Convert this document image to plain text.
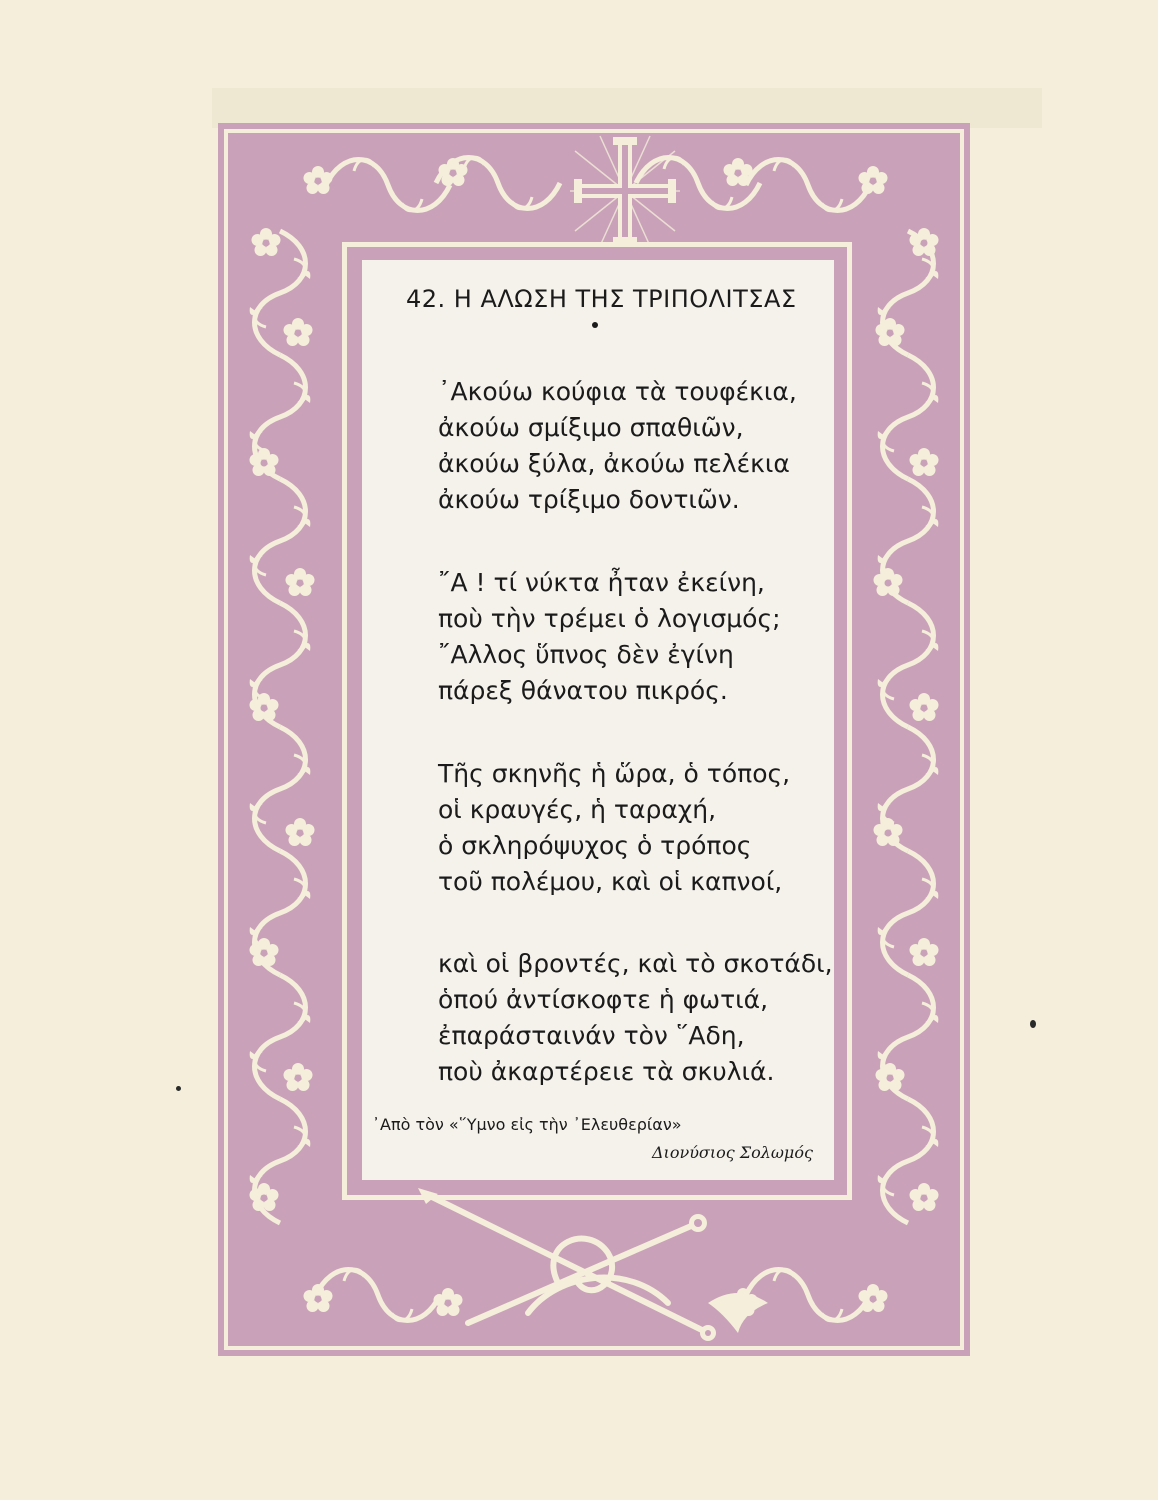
42. Η ΑΛΩΣΗ ΤΗΣ ΤΡΙΠΟΛΙΤΣΑΣ
᾿Ακούω κούφια τὰ τουφέκια,
ἀκούω σμίξιμο σπαθιῶν,
ἀκούω ξύλα, ἀκούω πελέκια
ἀκούω τρίξιμο δοντιῶν.
῎Α ! τί νύκτα ἦταν ἐκείνη,
ποὺ τὴν τρέμει ὁ λογισμός;
῎Αλλος ὕπνος δὲν ἐγίνη
πάρεξ θάνατου πικρός.
Τῆς σκηνῆς ἡ ὥρα, ὁ τόπος,
οἱ κραυγές, ἡ ταραχή,
ὁ σκληρόψυχος ὁ τρόπος
τοῦ πολέμου, καὶ οἱ καπνοί,
καὶ οἱ βροντές, καὶ τὸ σκοτάδι,
ὁπού ἀντίσκοφτε ἡ φωτιά,
ἐπαράσταινάν τὸν ῞Αδη,
ποὺ ἀκαρτέρειε τὰ σκυλιά.
᾿Απὸ τὸν «῞Υμνο εἰς τὴν ᾿Ελευθερίαν»
Διονύσιος Σολωμός
